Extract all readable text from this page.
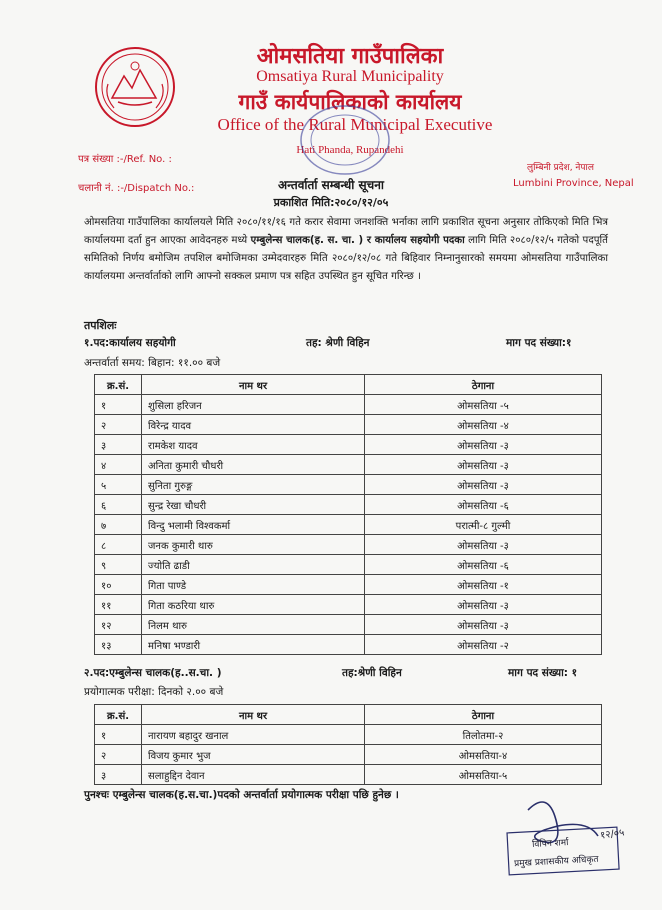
ओमसतिया गाउँपालिका
Omsatiya Rural Municipality
गाउँ कार्यपालिकाको कार्यालय
Office of the Rural Municipal Executive
Hati Phanda, Rupandehi
पत्र संख्या :-/Ref. No. :
चलानी नं. :-/Dispatch No.:
लुम्बिनी प्रदेश, नेपाल
Lumbini Province, Nepal
अन्तर्वार्ता सम्बन्धी सूचना
प्रकाशित मिति:२०८०/१२/०५
ओमसतिया गाउँपालिका कार्यालयले मिति २०८०/११/१६ गते करार सेवामा जनशक्ति भर्नाका लागि प्रकाशित सूचना अनुसार तोकिएको मिति भित्र कार्यालयमा दर्ता हुन आएका आवेदनहरु मध्ये एम्बुलेन्स चालक(ह. स. चा. ) र कार्यालय सहयोगी पदका लागि मिति २०८०/१२/५ गतेको पदपूर्ति समितिको निर्णय बमोजिम तपशिल बमोजिमका उम्मेदवारहरु मिति २०८०/१२/०८ गते बिहिवार निम्नानुसारको समयमा ओमसतिया गाउँपालिका कार्यालयमा अन्तर्वार्ताको लागि आफ्नो सक्कल प्रमाण पत्र सहित उपस्थित हुन सूचित गरिन्छ ।
तपशिलः
१.पद:कार्यालय सहयोगी	तह: श्रेणी विहिन	माग पद संख्या:१
अन्तर्वार्ता समय: बिहान: ११.०० बजे
क्र.सं.	नाम थर	ठेगाना
१	शुसिला हरिजन	ओमसतिया -५
२	विरेन्द्र यादव	ओमसतिया -४
३	रामकेश यादव	ओमसतिया -३
४	अनिता कुमारी चौधरी	ओमसतिया -३
५	सुनिता गुरुङ्ग	ओमसतिया -३
६	सुन्द्र रेखा चौधरी	ओमसतिया -६
७	विन्दु भलामी विश्वकर्मा	परात्मी-८ गुल्मी
८	जनक कुमारी थारु	ओमसतिया -३
९	ज्योति ढाडी	ओमसतिया -६
१०	गिता पाण्डे	ओमसतिया -१
११	गिता कठरिया थारु	ओमसतिया -३
१२	निलम थारु	ओमसतिया -३
१३	मनिषा भण्डारी	ओमसतिया -२
२.पद:एम्बुलेन्स चालक(ह..स.चा. )	तह:श्रेणी विहिन	माग पद संख्या: १
प्रयोगात्मक परीक्षा: दिनको २.०० बजे
क्र.सं.	नाम थर	ठेगाना
१	नारायण बहादुर खनाल	तिलोतमा-२
२	विजय कुमार भुज	ओमसतिया-४
३	सलाहुद्दिन देवान	ओमसतिया-५
पुनश्चः एम्बुलेन्स चालक(ह.स.चा.)पदको अन्तर्वार्ता प्रयोगात्मक परीक्षा पछि हुनेछ ।
विपिन शर्मा
प्रमुख प्रशासकीय अधिकृत
१२/०५
